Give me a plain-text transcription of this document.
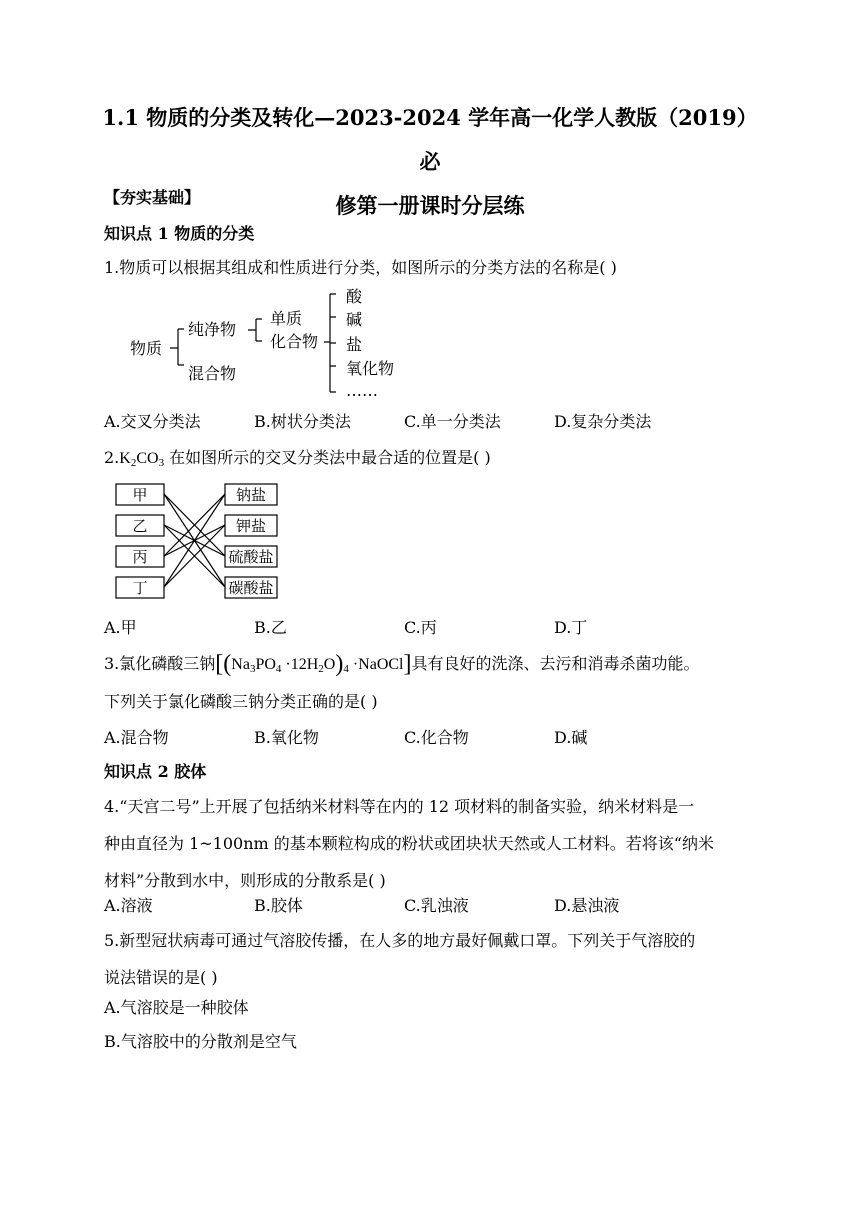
1.1 物质的分类及转化—2023-2024 学年高一化学人教版（2019）必
修第一册课时分层练
【夯实基础】
知识点 1 物质的分类
1.物质可以根据其组成和性质进行分类，如图所示的分类方法的名称是( )
物质
纯净物
混合物
单质
化合物
酸
碱
盐
氧化物
……
A.交叉分类法	B.树状分类法	C.单一分类法	D.复杂分类法
$2.K_2CO_3$ 在如图所示的交叉分类法中最合适的位置是( )
甲
乙
丙
丁
钠盐
钾盐
硫酸盐
碳酸盐
A.甲	B.乙	C.丙	D.丁
3.氯化磷酸三钠[$(Na_3PO_4 \cdot 12H_2O)_4$ ·NaOCl]具有良好的洗涤、去污和消毒杀菌功能。
下列关于氯化磷酸三钠分类正确的是( )
A.混合物	B.氧化物	C.化合物	D.碱
知识点 2 胶体
4.“天宫二号”上开展了包括纳米材料等在内的 12 项材料的制备实验，纳米材料是一
种由直径为 1~100nm 的基本颗粒构成的粉状或团块状天然或人工材料。若将该“纳米
材料”分散到水中，则形成的分散系是( )
A.溶液	B.胶体	C.乳浊液	D.悬浊液
5.新型冠状病毒可通过气溶胶传播，在人多的地方最好佩戴口罩。下列关于气溶胶的
说法错误的是( )
A.气溶胶是一种胶体
B.气溶胶中的分散剂是空气
